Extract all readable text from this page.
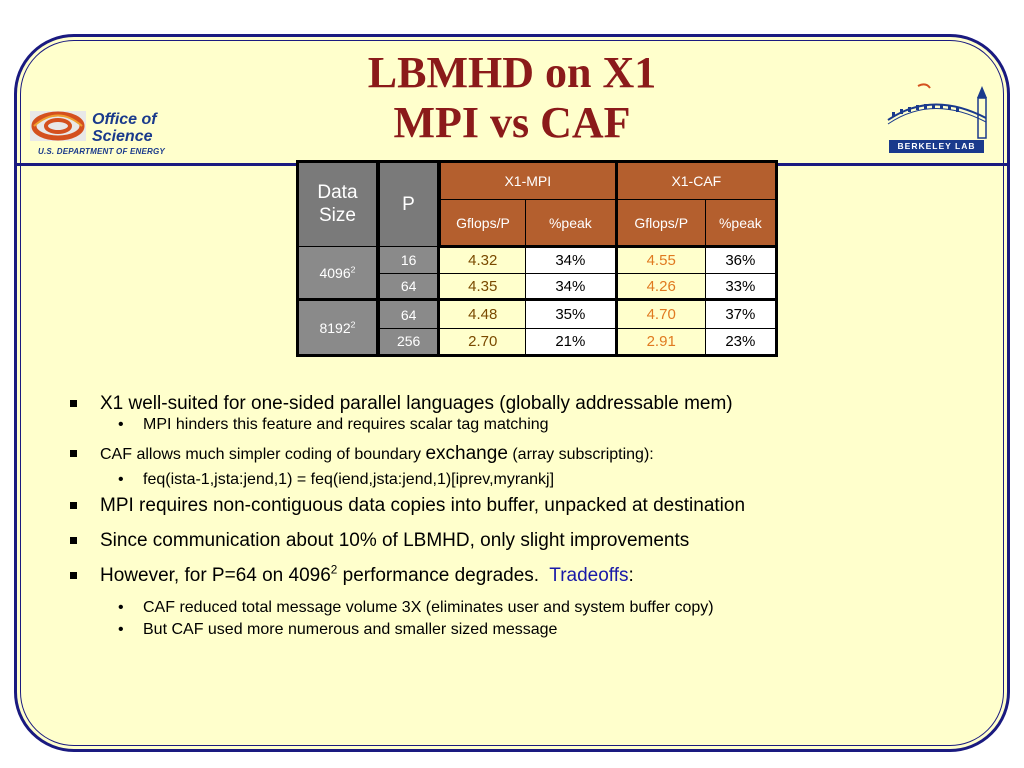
LBMHD on X1
MPI vs CAF
Office of
Science
U.S. DEPARTMENT OF ENERGY
BERKELEY LAB
Data
Size	P	X1-MPI		X1-CAF	
		Gflops/P	%peak	Gflops/P	%peak
4096$^2$	16	4.32	34%	4.55	36%
	64	4.35	34%	4.26	33%
8192$^2$	64	4.48	35%	4.70	37%
	256	2.70	21%	2.91	23%
X1 well-suited for one-sided parallel languages (globally addressable mem)
• MPI hinders this feature and requires scalar tag matching
CAF allows much simpler coding of boundary exchange (array subscripting):
• feq(ista-1,jsta:jend,1) = feq(iend,jsta:jend,1)[iprev,myrankj]
MPI requires non-contiguous data copies into buffer, unpacked at destination
Since communication about 10% of LBMHD, only slight improvements
However, for P=64 on 4096$^2$ performance degrades.  Tradeoffs:
• CAF reduced total message volume 3X (eliminates user and system buffer copy)
• But CAF used more numerous and smaller sized message
